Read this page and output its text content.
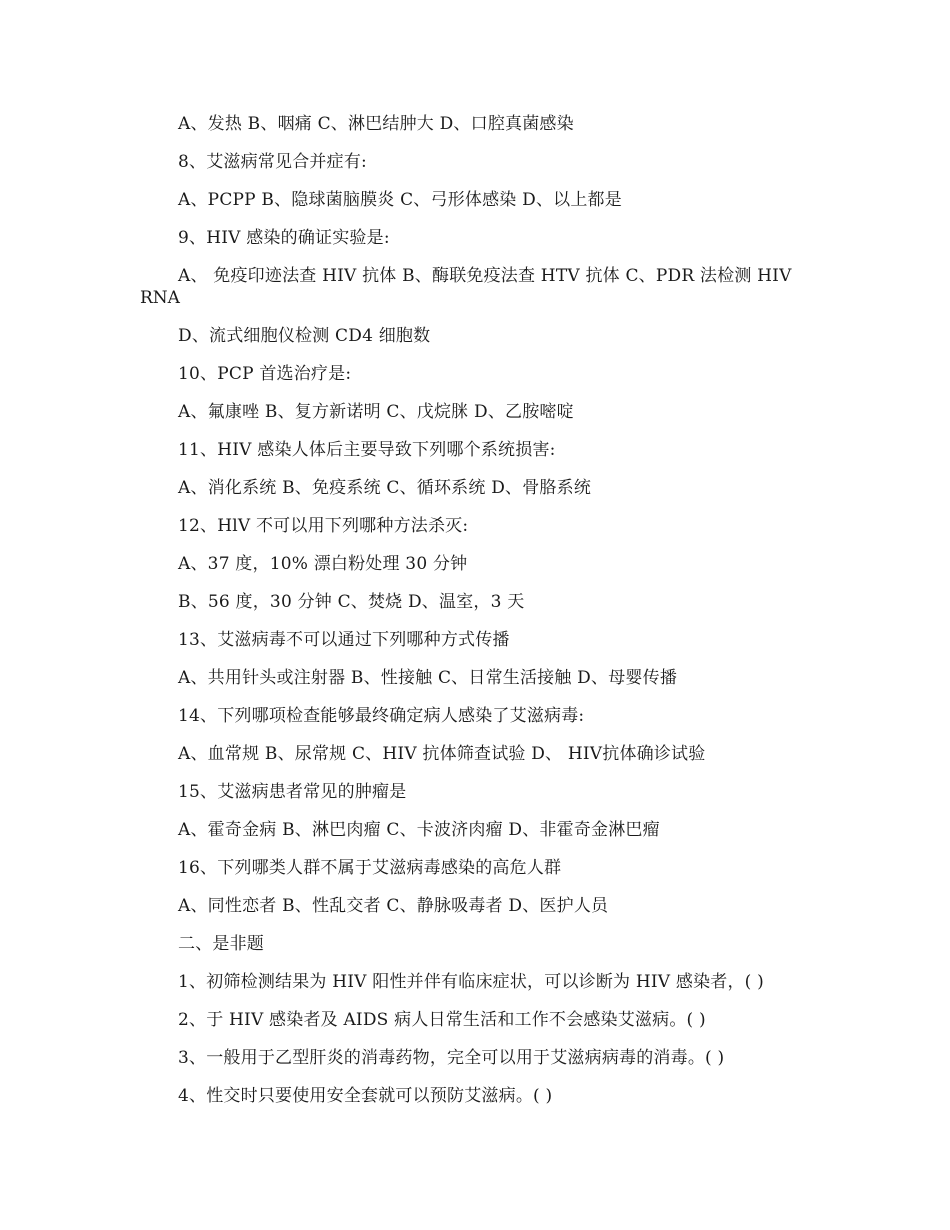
A、发热 B、咽痛 C、淋巴结肿大 D、口腔真菌感染
8、艾滋病常见合并症有:
A、PCPP B、隐球菌脑膜炎 C、弓形体感染 D、以上都是
9、HIV 感染的确证实验是:
A、 免疫印迹法查 HIV 抗体 B、酶联免疫法查 HTV 抗体 C、PDR 法检测 HIV
RNA
D、流式细胞仪检测 CD4 细胞数
10、PCP 首选治疗是:
A、氟康唑 B、复方新诺明 C、戊烷脒 D、乙胺嘧啶
11、HIV 感染人体后主要导致下列哪个系统损害:
A、消化系统 B、免疫系统 C、循环系统 D、骨胳系统
12、HlV 不可以用下列哪种方法杀灭:
A、37 度，10% 漂白粉处理 30 分钟
B、56 度，30 分钟 C、焚烧 D、温室，3 天
13、艾滋病毒不可以通过下列哪种方式传播
A、共用针头或注射器 B、性接触 C、日常生活接触 D、母婴传播
14、下列哪项检查能够最终确定病人感染了艾滋病毒:
A、血常规 B、尿常规 C、HIV 抗体筛查试验 D、 HIV抗体确诊试验
15、艾滋病患者常见的肿瘤是
A、霍奇金病 B、淋巴肉瘤 C、卡波济肉瘤 D、非霍奇金淋巴瘤
16、下列哪类人群不属于艾滋病毒感染的高危人群
A、同性恋者 B、性乱交者 C、静脉吸毒者 D、医护人员
二、是非题
1、初筛检测结果为 HIV 阳性并伴有临床症状，可以诊断为 HIV 感染者，( )
2、于 HIV 感染者及 AIDS 病人日常生活和工作不会感染艾滋病。( )
3、一般用于乙型肝炎的消毒药物，完全可以用于艾滋病病毒的消毒。( )
4、性交时只要使用安全套就可以预防艾滋病。( )
